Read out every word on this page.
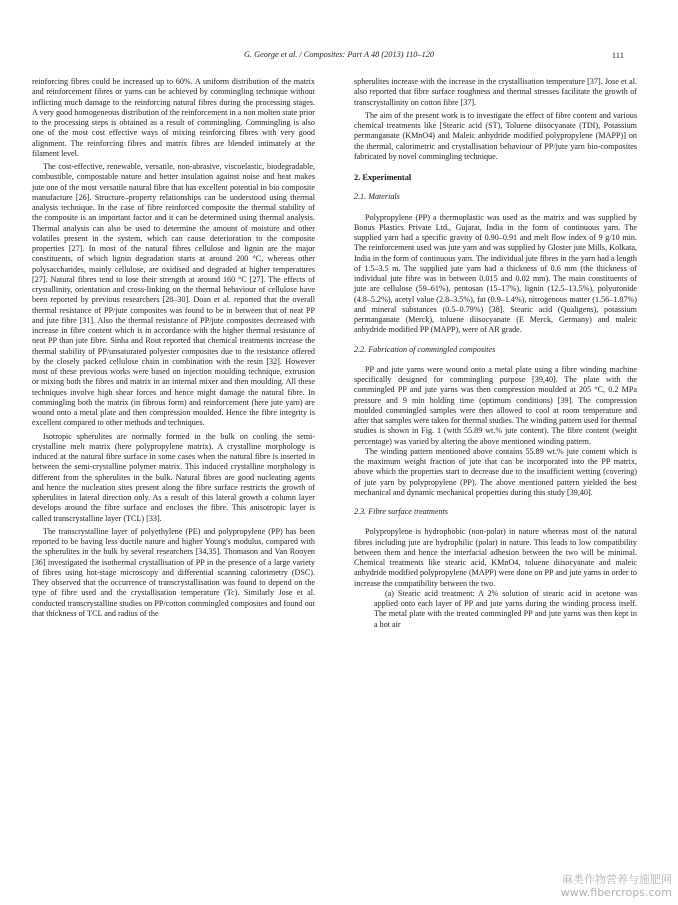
G. George et al. / Composites: Part A 48 (2013) 110–120	111

reinforcing fibres could be increased up to 60%. A uniform distribution of the matrix and reinforcement fibres or yarns can be achieved by commingling technique without inflicting much damage to the reinforcing natural fibres during the processing stages. A very good homogeneous distribution of the reinforcement in a non molten state prior to the processing steps is obtained as a result of commingling. Commingling is also one of the most cost effective ways of mixing reinforcing fibres with very good alignment. The reinforcing fibres and matrix fibres are blended intimately at the filament level.

The cost-effective, renewable, versatile, non-abrasive, viscoelastic, biodegradable, combustible, compostable nature and better insulation against noise and heat makes jute one of the most versatile natural fibre that has excellent potential in bio composite manufacture [26]. Structure–property relationships can be understood using thermal analysis technique. In the case of fibre reinforced composite the thermal stability of the composite is an important factor and it can be determined using thermal analysis. Thermal analysis can also be used to determine the amount of moisture and other volatiles present in the system, which can cause deterioration to the composite properties [27]. In most of the natural fibres cellulose and lignin are the major constituents, of which lignin degradation starts at around 200 °C, whereas other polysaccharides, mainly cellulose, are oxidised and degraded at higher temperatures [27]. Natural fibres tend to lose their strength at around 160 °C [27]. The effects of crystallinity, orientation and cross-linking on the thermal behaviour of cellulose have been reported by previous researchers [28–30]. Doan et al. reported that the overall thermal resistance of PP/jute composites was found to be in between that of neat PP and jute fibre [31]. Also the thermal resistance of PP/jute composites decreased with increase in fibre content which is in accordance with the higher thermal resistance of neat PP than jute fibre. Sinha and Rout reported that chemical treatments increase the thermal stability of PP/unsaturated polyester composites due to the resistance offered by the closely packed cellulose chain in combination with the resin [32]. However most of these previous works were based on injection moulding technique, extrusion or mixing both the fibres and matrix in an internal mixer and then moulding. All these techniques involve high shear forces and hence might damage the natural fibre. In commingling both the matrix (in fibrous form) and reinforcement (here jute yarn) are wound onto a metal plate and then compression moulded. Hence the fibre integrity is excellent compared to other methods and techniques.

Isotropic spherulites are normally formed in the bulk on cooling the semi-crystalline melt matrix (here polypropylene matrix). A crystalline morphology is induced at the natural fibre surface in some cases when the natural fibre is inserted in between the semi-crystalline polymer matrix. This induced crystalline morphology is different from the spherulites in the bulk. Natural fibres are good nucleating agents and hence the nucleation sites present along the fibre surface restricts the growth of spherulites in lateral direction only. As a result of this lateral growth a column layer develops around the fibre surface and encloses the fibre. This anisotropic layer is called transcrystalline layer (TCL) [33].

The transcrystalline layer of polyethylene (PE) and polypropylene (PP) has been reported to be having less ductile nature and higher Young's modulus, compared with the spherulites in the bulk by several researchers [34,35]. Thomason and Van Rooyen [36] investigated the isothermal crystallisation of PP in the presence of a large variety of fibres using hot-stage microscopy and differential scanning calorimetry (DSC). They observed that the occurrence of transcrystallisation was found to depend on the type of fibre used and the crystallisation temperature (Tc). Similarly Jose et al. conducted transcrystalline studies on PP/cotton commingled composites and found out that thickness of TCL and radius of the

spherulites increase with the increase in the crystallisation temperature [37]. Jose et al. also reported that fibre surface roughness and thermal stresses facilitate the growth of transcrystallinity on cotton fibre [37].

The aim of the present work is to investigate the effect of fibre content and various chemical treatments like [Stearic acid (ST), Toluene diisocyanate (TDI), Potassium permanganate (KMnO4) and Maleic anhydride modified polypropylene (MAPP)] on the thermal, calorimetric and crystallisation behaviour of PP/jute yarn bio-composites fabricated by novel commingling technique.

2. Experimental
2.1. Materials

Polypropylene (PP) a thermoplastic was used as the matrix and was supplied by Bonus Plastics Private Ltd., Gujarat, India in the form of continuous yarn. The supplied yarn had a specific gravity of 0.90–0.91 and melt flow index of 9 g/10 min. The reinforcement used was jute yarn and was supplied by Gloster jute Mills, Kolkata, India in the form of continuous yarn. The individual jute fibres in the yarn had a length of 1.5–3.5 m. The supplied jute yarn had a thickness of 0.6 mm (the thickness of individual jute fibre was in between 0.015 and 0.02 mm). The main constituents of jute are cellulose (59–61%), pentosan (15–17%), lignin (12.5–13.5%), polyuronide (4.8–5.2%), acetyl value (2.8–3.5%), fat (0.9–1.4%), nitrogenous matter (1.56–1.87%) and mineral substances (0.5–0.79%) [38]. Stearic acid (Qualigens), potassium permanganate (Merck), toluene diisocyanate (E Merck, Germany) and maleic anhydride modified PP (MAPP), were of AR grade.

2.2. Fabrication of commingled composites

PP and jute yarns were wound onto a metal plate using a fibre winding machine specifically designed for commingling purpose [39,40]. The plate with the commingled PP and jute yarns was then compression moulded at 205 °C, 0.2 MPa pressure and 9 min holding time (optimum conditions) [39]. The compression moulded commingled samples were then allowed to cool at room temperature and after that samples were taken for thermal studies. The winding pattern used for thermal studies is shown in Fig. 1 (with 55.89 wt.% jute content). The fibre content (weight percentage) was varied by altering the above mentioned winding pattern.

The winding pattern mentioned above contains 55.89 wt.% jute content which is the maximum weight fraction of jute that can be incorporated into the PP matrix, above which the properties start to decrease due to the insufficient wetting (covering) of jute yarn by polypropylene (PP). The above mentioned pattern yielded the best mechanical and dynamic mechanical properties during this study [39,40].

2.3. Fibre surface treatments

Polypropylene is hydrophobic (non-polar) in nature whereas most of the natural fibres including jute are hydrophilic (polar) in nature. This leads to low compatibility between them and hence the interfacial adhesion between the two will be minimal. Chemical treatments like stearic acid, KMnO4, toluene diisocyanate and maleic anhydride modified polypropylene (MAPP) were done on PP and jute yarns in order to increase the compatibility between the two.

(a) Stearic acid treatment: A 2% solution of stearic acid in acetone was applied onto each layer of PP and jute yarns during the winding process itself. The metal plate with the treated commingled PP and jute yarns was then kept in a hot air

麻类作物营养与施肥网
www.fibercrops.com
